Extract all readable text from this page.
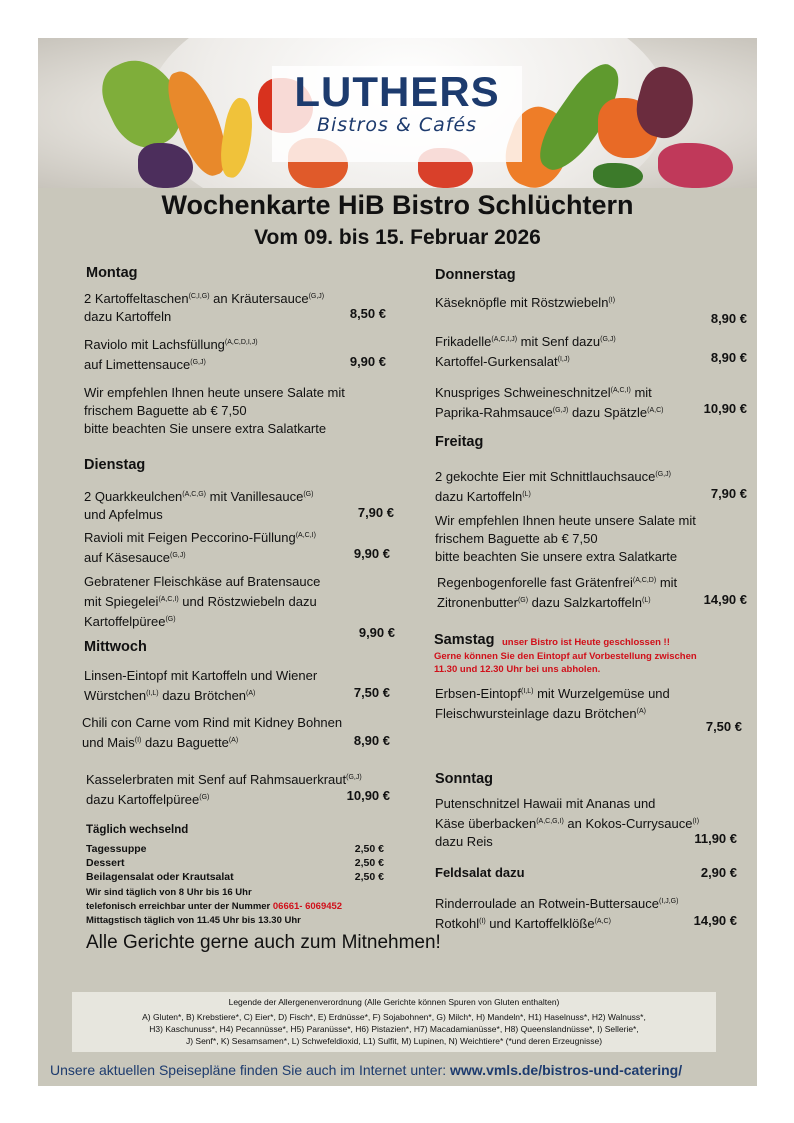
LUTHERS
Bistros & Cafés
Wochenkarte HiB Bistro Schlüchtern
Vom 09. bis 15. Februar 2026
Montag
2 Kartoffeltaschen$^{(C,I,G)}$ an Kräutersauce$^{(G,J)}$
dazu Kartoffeln	8,50 €
Raviolo mit Lachsfüllung$^{(A,C,D,I,J)}$
auf Limettensauce$^{(G,J)}$	9,90 €
Wir empfehlen Ihnen heute unsere Salate mit
frischem Baguette ab € 7,50
bitte beachten Sie unsere extra Salatkarte
Dienstag
2 Quarkkeulchen$^{(A,C,G)}$ mit Vanillesauce$^{(G)}$
und Apfelmus	7,90 €
Ravioli mit Feigen Peccorino-Füllung$^{(A,C,I)}$
auf Käsesauce$^{(G,J)}$	9,90 €
Gebratener Fleischkäse auf Bratensauce
mit Spiegelei$^{(A,C,I)}$ und Röstzwiebeln dazu
Kartoffelpüree$^{(G)}$
9,90 €
Mittwoch
Linsen-Eintopf mit Kartoffeln und Wiener
Würstchen$^{(I,L)}$ dazu Brötchen$^{(A)}$	7,50 €
Chili con Carne vom Rind mit Kidney Bohnen
und Mais$^{(I)}$ dazu Baguette$^{(A)}$	8,90 €
Kasselerbraten mit Senf auf Rahmsauerkraut$^{(G,J)}$
dazu Kartoffelpüree$^{(G)}$	10,90 €
Täglich wechselnd
Tagessuppe	2,50 €
Dessert	2,50 €
Beilagensalat oder Krautsalat	2,50 €
Wir sind täglich von 8 Uhr bis 16 Uhr
telefonisch erreichbar unter der Nummer 06661- 6069452
Mittagstisch täglich von 11.45 Uhr bis 13.30 Uhr
Alle Gerichte gerne auch zum Mitnehmen!
Donnerstag
Käseknöpfle mit Röstzwiebeln$^{(I)}$
8,90 €
Frikadelle$^{(A,C,I,J)}$ mit Senf dazu$^{(G,J)}$
Kartoffel-Gurkensalat$^{(I,J)}$	8,90 €
Knuspriges Schweineschnitzel$^{(A,C,I)}$ mit
Paprika-Rahmsauce$^{(G,J)}$ dazu Spätzle$^{(A,C)}$	10,90 €
Freitag
2 gekochte Eier mit Schnittlauchsauce$^{(G,J)}$
dazu Kartoffeln$^{(L)}$	7,90 €
Wir empfehlen Ihnen heute unsere Salate mit
frischem Baguette ab € 7,50
bitte beachten Sie unsere extra Salatkarte
Regenbogenforelle fast Grätenfrei$^{(A,C,D)}$ mit
Zitronenbutter$^{(G)}$ dazu Salzkartoffeln$^{(L)}$	14,90 €
Samstag unser Bistro ist Heute geschlossen !!
Gerne können Sie den Eintopf auf Vorbestellung zwischen
11.30 und 12.30 Uhr bei uns abholen.
Erbsen-Eintopf$^{(I,L)}$ mit Wurzelgemüse und
Fleischwursteinlage dazu Brötchen$^{(A)}$
7,50 €
Sonntag
Putenschnitzel Hawaii mit Ananas und
Käse überbacken$^{(A,C,G,I)}$ an Kokos-Currysauce$^{(I)}$
dazu Reis	11,90 €
Feldsalat dazu	2,90 €
Rinderroulade an Rotwein-Buttersauce$^{(I,J,G)}$
Rotkohl$^{(I)}$ und Kartoffelklöße$^{(A,C)}$	14,90 €
Legende der Allergenenverordnung (Alle Gerichte können Spuren von Gluten enthalten)
A) Gluten*, B) Krebstiere*, C) Eier*, D) Fisch*, E) Erdnüsse*, F) Sojabohnen*, G) Milch*, H) Mandeln*, H1) Haselnuss*, H2) Walnuss*,
H3) Kaschunuss*, H4) Pecannüsse*, H5) Paranüsse*, H6) Pistazien*, H7) Macadamianüsse*, H8) Queenslandnüsse*, I) Sellerie*,
J) Senf*, K) Sesamsamen*, L) Schwefeldioxid, L1) Sulfit, M) Lupinen, N) Weichtiere* (*und deren Erzeugnisse)
Unsere aktuellen Speisepläne finden Sie auch im Internet unter: www.vmls.de/bistros-und-catering/
